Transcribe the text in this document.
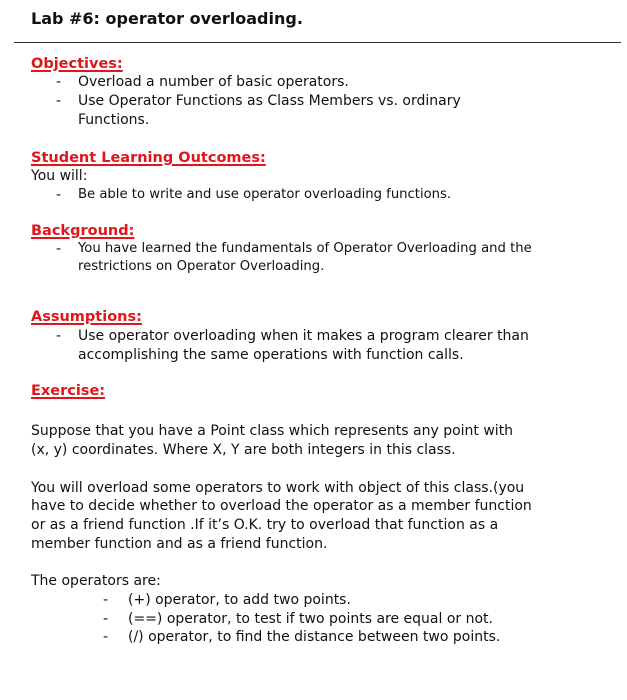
Lab #6: operator overloading.
Objectives:
- Overload a number of basic operators.
- Use Operator Functions as Class Members vs. ordinary
Functions.
Student Learning Outcomes:
You will:
- Be able to write and use operator overloading functions.
Background:
- You have learned the fundamentals of Operator Overloading and the
restrictions on Operator Overloading.
Assumptions:
- Use operator overloading when it makes a program clearer than
accomplishing the same operations with function calls.
Exercise:
Suppose that you have a Point class which represents any point with
(x, y) coordinates. Where X, Y are both integers in this class.
You will overload some operators to work with object of this class.(you
have to decide whether to overload the operator as a member function
or as a friend function .If it’s O.K. try to overload that function as a
member function and as a friend function.
The operators are:
- (+) operator, to add two points.
- (==) operator, to test if two points are equal or not.
- (/) operator, to find the distance between two points.
